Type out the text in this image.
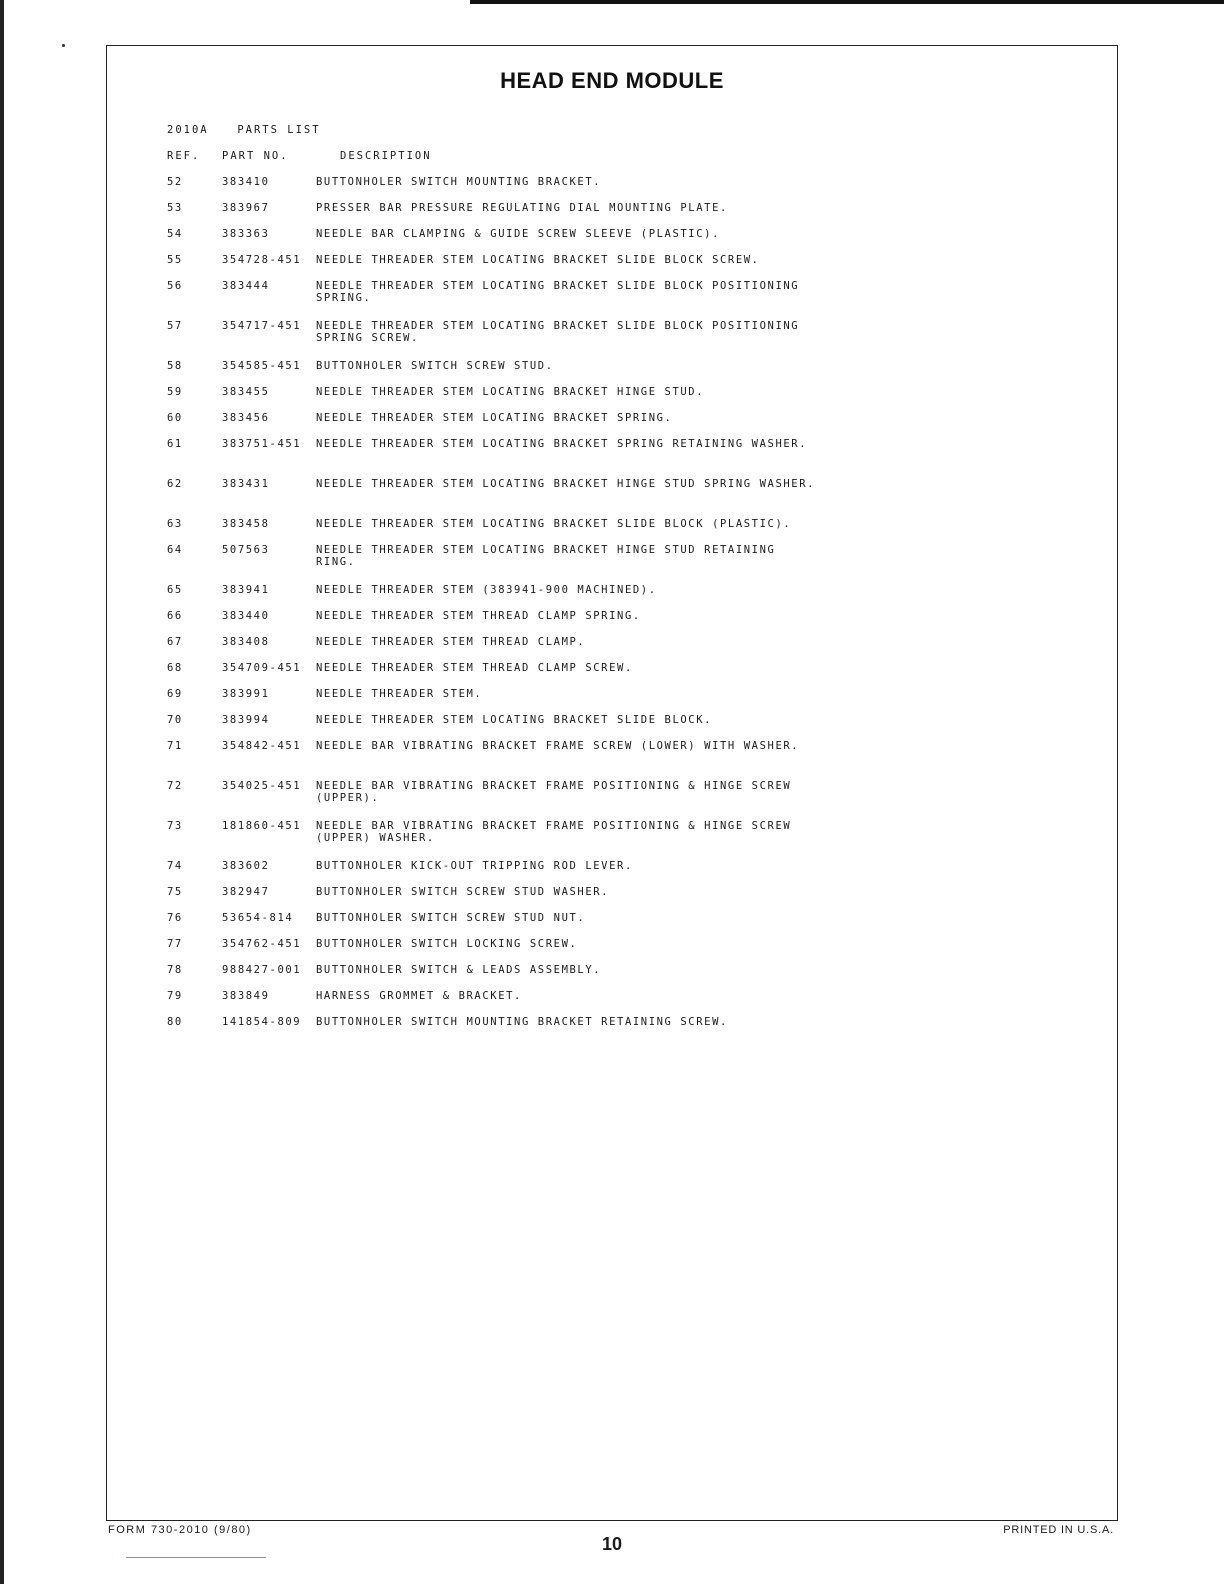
HEAD END MODULE
2010A	PARTS LIST
REF. PART NO.	DESCRIPTION
52	383410	BUTTONHOLER SWITCH MOUNTING BRACKET.
53	383967	PRESSER BAR PRESSURE REGULATING DIAL MOUNTING PLATE.
54	383363	NEEDLE BAR CLAMPING & GUIDE SCREW SLEEVE (PLASTIC).
55	354728-451 NEEDLE THREADER STEM LOCATING BRACKET SLIDE BLOCK SCREW.
56	383444	NEEDLE THREADER STEM LOCATING BRACKET SLIDE BLOCK POSITIONING SPRING.
57	354717-451 NEEDLE THREADER STEM LOCATING BRACKET SLIDE BLOCK POSITIONING SPRING SCREW.
58	354585-451 BUTTONHOLER SWITCH SCREW STUD.
59	383455	NEEDLE THREADER STEM LOCATING BRACKET HINGE STUD.
60	383456	NEEDLE THREADER STEM LOCATING BRACKET SPRING.
61	383751-451 NEEDLE THREADER STEM LOCATING BRACKET SPRING RETAINING WASHER.
62	383431	NEEDLE THREADER STEM LOCATING BRACKET HINGE STUD SPRING WASHER.
63	383458	NEEDLE THREADER STEM LOCATING BRACKET SLIDE BLOCK (PLASTIC).
64	507563	NEEDLE THREADER STEM LOCATING BRACKET HINGE STUD RETAINING RING.
65	383941	NEEDLE THREADER STEM (383941-900 MACHINED).
66	383440	NEEDLE THREADER STEM THREAD CLAMP SPRING.
67	383408	NEEDLE THREADER STEM THREAD CLAMP.
68	354709-451 NEEDLE THREADER STEM THREAD CLAMP SCREW.
69	383991	NEEDLE THREADER STEM.
70	383994	NEEDLE THREADER STEM LOCATING BRACKET SLIDE BLOCK.
71	354842-451 NEEDLE BAR VIBRATING BRACKET FRAME SCREW (LOWER) WITH WASHER.
72	354025-451 NEEDLE BAR VIBRATING BRACKET FRAME POSITIONING & HINGE SCREW (UPPER).
73	181860-451 NEEDLE BAR VIBRATING BRACKET FRAME POSITIONING & HINGE SCREW (UPPER) WASHER.
74	383602	BUTTONHOLER KICK-OUT TRIPPING ROD LEVER.
75	382947	BUTTONHOLER SWITCH SCREW STUD WASHER.
76	53654-814 BUTTONHOLER SWITCH SCREW STUD NUT.
77	354762-451 BUTTONHOLER SWITCH LOCKING SCREW.
78	988427-001 BUTTONHOLER SWITCH & LEADS ASSEMBLY.
79	383849	HARNESS GROMMET & BRACKET.
80	141854-809 BUTTONHOLER SWITCH MOUNTING BRACKET RETAINING SCREW.
FORM 730-2010 (9/80)
10
PRINTED IN U.S.A.
